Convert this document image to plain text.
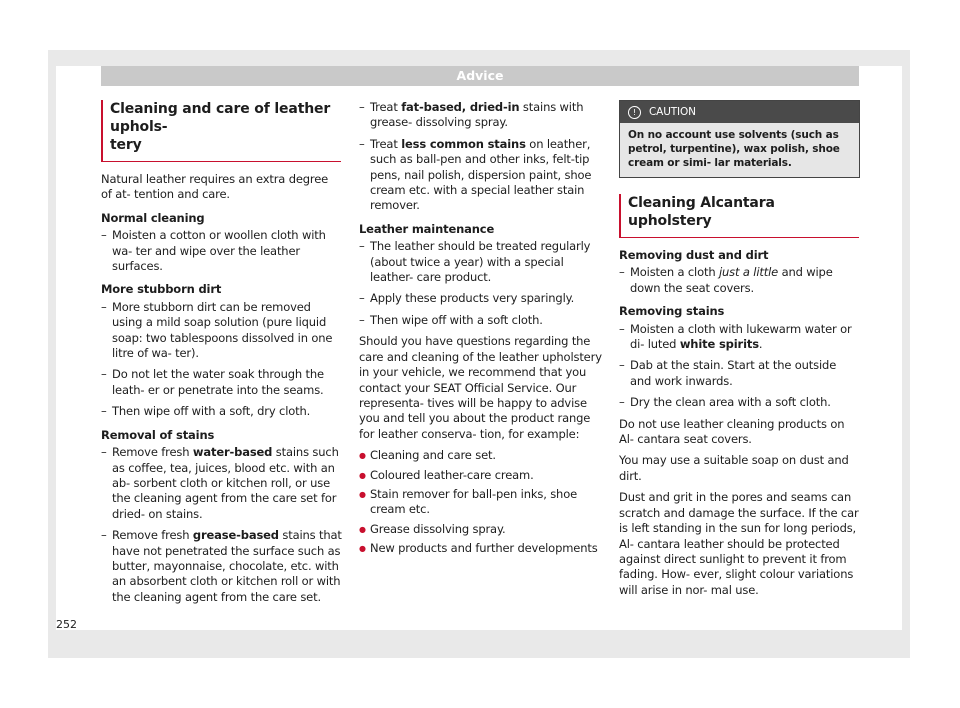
Advice
Cleaning and care of leather uphols-
tery

Natural leather requires an extra degree of at- tention and care.

Normal cleaning

– Moisten a cotton or woollen cloth with wa- ter and wipe over the leather surfaces.

More stubborn dirt

– More stubborn dirt can be removed using a mild soap solution (pure liquid soap: two tablespoons dissolved in one litre of wa- ter).
– Do not let the water soak through the leath- er or penetrate into the seams.
– Then wipe off with a soft, dry cloth.

Removal of stains

– Remove fresh water-based stains such as coffee, tea, juices, blood etc. with an ab- sorbent cloth or kitchen roll, or use the cleaning agent from the care set for dried- on stains.
– Remove fresh grease-based stains that have not penetrated the surface such as butter, mayonnaise, chocolate, etc. with an absorbent cloth or kitchen roll or with the cleaning agent from the care set.
– Treat fat-based, dried-in stains with grease- dissolving spray.
– Treat less common stains on leather, such as ball-pen and other inks, felt-tip pens, nail polish, dispersion paint, shoe cream etc. with a special leather stain remover.

Leather maintenance

– The leather should be treated regularly (about twice a year) with a special leather- care product.
– Apply these products very sparingly.
– Then wipe off with a soft cloth.

Should you have questions regarding the care and cleaning of the leather upholstery in your vehicle, we recommend that you contact your SEAT Official Service. Our representa- tives will be happy to advise you and tell you about the product range for leather conserva- tion, for example:

● Cleaning and care set.
● Coloured leather-care cream.
● Stain remover for ball-pen inks, shoe cream etc.
● Grease dissolving spray.
● New products and further developments
! CAUTION
On no account use solvents (such as petrol, turpentine), wax polish, shoe cream or simi- lar materials.
Cleaning Alcantara upholstery

Removing dust and dirt

– Moisten a cloth just a little and wipe down the seat covers.

Removing stains

– Moisten a cloth with lukewarm water or di- luted white spirits.
– Dab at the stain. Start at the outside and work inwards.
– Dry the clean area with a soft cloth.

Do not use leather cleaning products on Al- cantara seat covers.

You may use a suitable soap on dust and dirt.

Dust and grit in the pores and seams can scratch and damage the surface. If the car is left standing in the sun for long periods, Al- cantara leather should be protected against direct sunlight to prevent it from fading. How- ever, slight colour variations will arise in nor- mal use.

252
